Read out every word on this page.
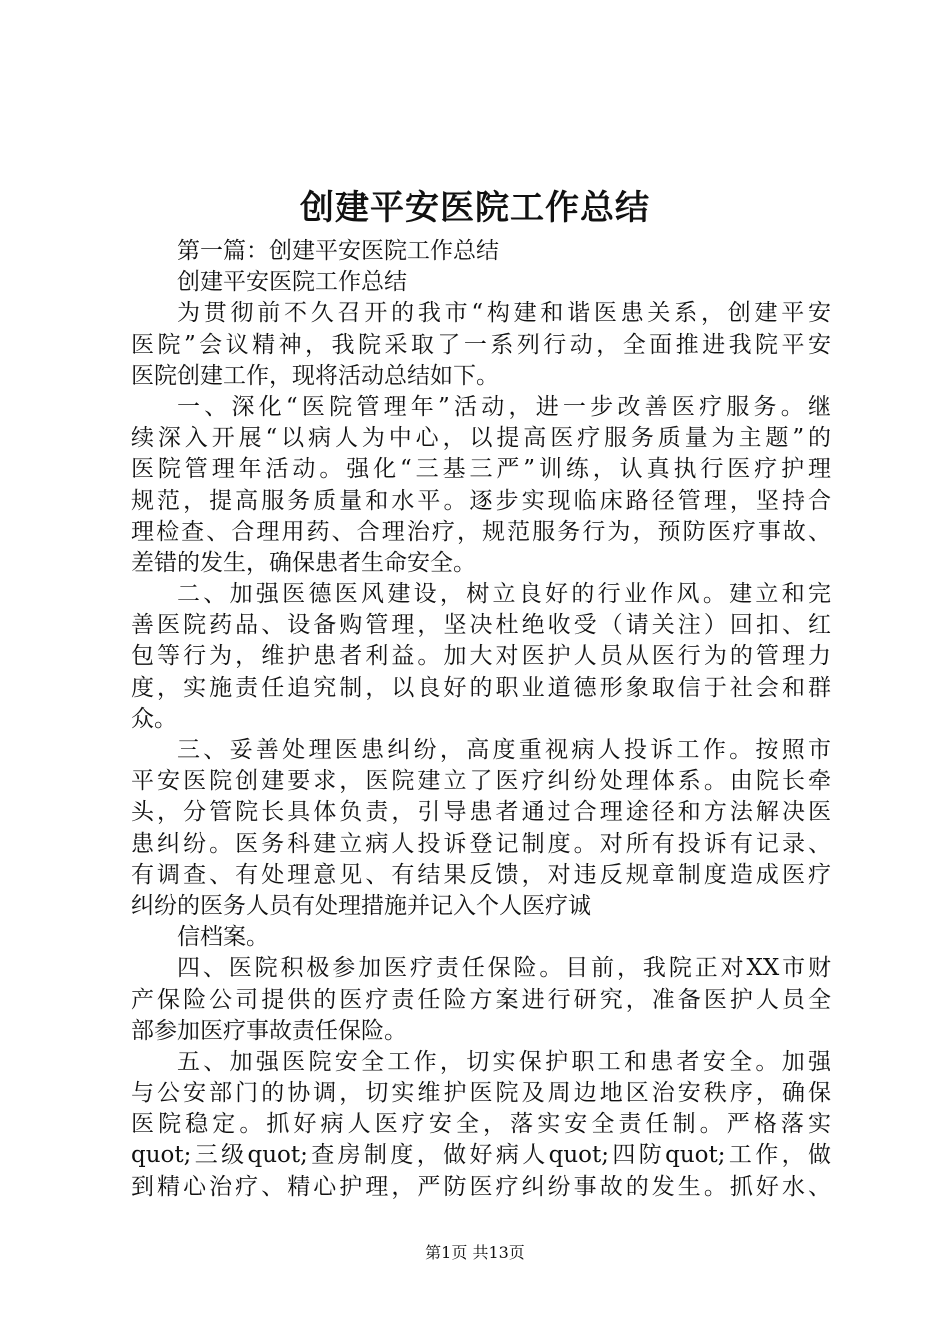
创建平安医院工作总结
第一篇：创建平安医院工作总结
创建平安医院工作总结
为贯彻前不久召开的我市“构建和谐医患关系，创建平安
医院”会议精神，我院采取了一系列行动，全面推进我院平安
医院创建工作，现将活动总结如下。
一、深化“医院管理年”活动，进一步改善医疗服务。继
续深入开展“以病人为中心，以提高医疗服务质量为主题”的
医院管理年活动。强化“三基三严”训练，认真执行医疗护理
规范，提高服务质量和水平。逐步实现临床路径管理，坚持合
理检查、合理用药、合理治疗，规范服务行为，预防医疗事故、
差错的发生，确保患者生命安全。
二、加强医德医风建设，树立良好的行业作风。建立和完
善医院药品、设备购管理，坚决杜绝收受（请关注）回扣、红
包等行为，维护患者利益。加大对医护人员从医行为的管理力
度，实施责任追究制，以良好的职业道德形象取信于社会和群
众。
三、妥善处理医患纠纷，高度重视病人投诉工作。按照市
平安医院创建要求，医院建立了医疗纠纷处理体系。由院长牵
头，分管院长具体负责，引导患者通过合理途径和方法解决医
患纠纷。医务科建立病人投诉登记制度。对所有投诉有记录、
有调查、有处理意见、有结果反馈，对违反规章制度造成医疗
纠纷的医务人员有处理措施并记入个人医疗诚
信档案。
四、医院积极参加医疗责任保险。目前，我院正对XX市财
产保险公司提供的医疗责任险方案进行研究，准备医护人员全
部参加医疗事故责任保险。
五、加强医院安全工作，切实保护职工和患者安全。加强
与公安部门的协调，切实维护医院及周边地区治安秩序，确保
医院稳定。抓好病人医疗安全，落实安全责任制。严格落实
quot;三级quot;查房制度，做好病人quot;四防quot;工作，做
到精心治疗、精心护理，严防医疗纠纷事故的发生。抓好水、
第1页 共13页
